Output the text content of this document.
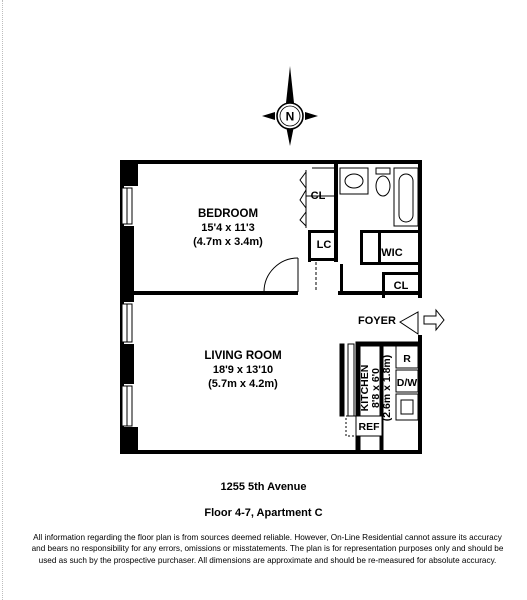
N
BEDROOM
15'4 x 11'3
(4.7m x 3.4m)
LIVING ROOM
18'9 x 13'10
(5.7m x 4.2m)
FOYER
KITCHEN 8'8 x 6'0 (2.6m x 1.8m)
CL
LC
WIC
CL
R
D/W
REF
1255 5th Avenue
Floor 4-7, Apartment C
All information regarding the floor plan is from sources deemed reliable. However, On-Line Residential cannot assure its accuracy and bears no responsibility for any errors, omissions or misstatements. The plan is for representation purposes only and should be used as such by the prospective purchaser. All dimensions are approximate and should be re-measured for absolute accuracy.
